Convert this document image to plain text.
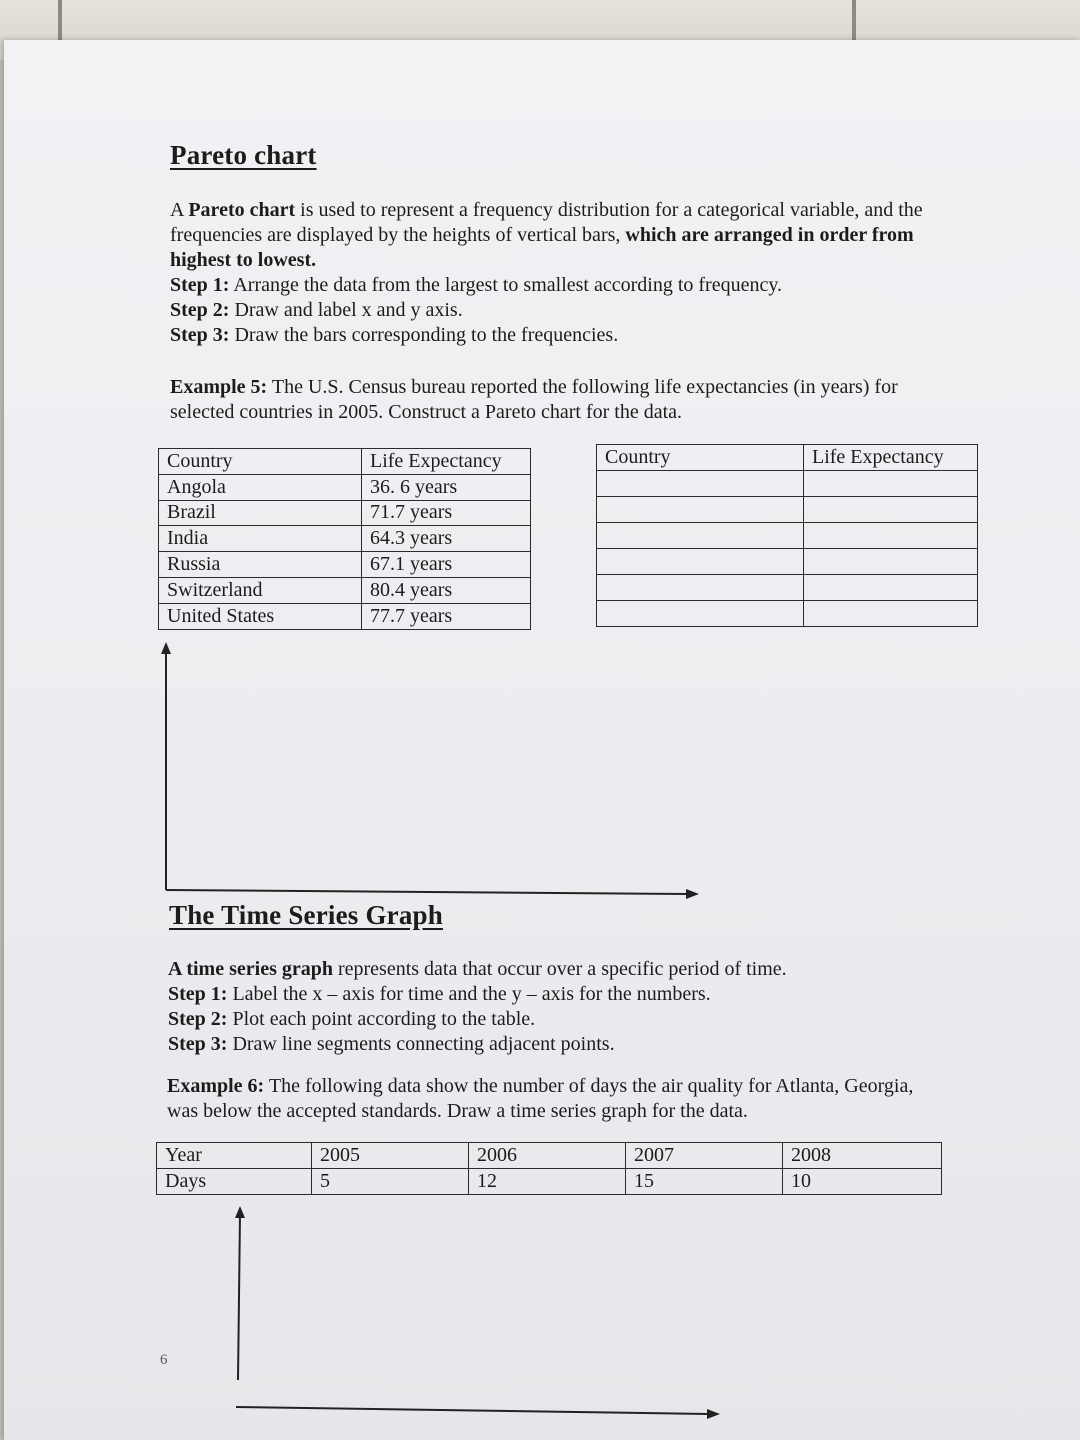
Pareto chart
A Pareto chart is used to represent a frequency distribution for a categorical variable, and the frequencies are displayed by the heights of vertical bars, which are arranged in order from highest to lowest.
Step 1: Arrange the data from the largest to smallest according to frequency.
Step 2: Draw and label x and y axis.
Step 3: Draw the bars corresponding to the frequencies.
Example 5: The U.S. Census bureau reported the following life expectancies (in years) for selected countries in 2005. Construct a Pareto chart for the data.
Country	Life Expectancy
Angola	36. 6 years
Brazil	71.7 years
India	64.3 years
Russia	67.1 years
Switzerland	80.4 years
United States	77.7 years
Country	Life Expectancy

The Time Series Graph
A time series graph represents data that occur over a specific period of time.
Step 1: Label the x – axis for time and the y – axis for the numbers.
Step 2: Plot each point according to the table.
Step 3: Draw line segments connecting adjacent points.
Example 6: The following data show the number of days the air quality for Atlanta, Georgia, was below the accepted standards. Draw a time series graph for the data.
Year	2005	2006	2007	2008
Days	5	12	15	10
6
